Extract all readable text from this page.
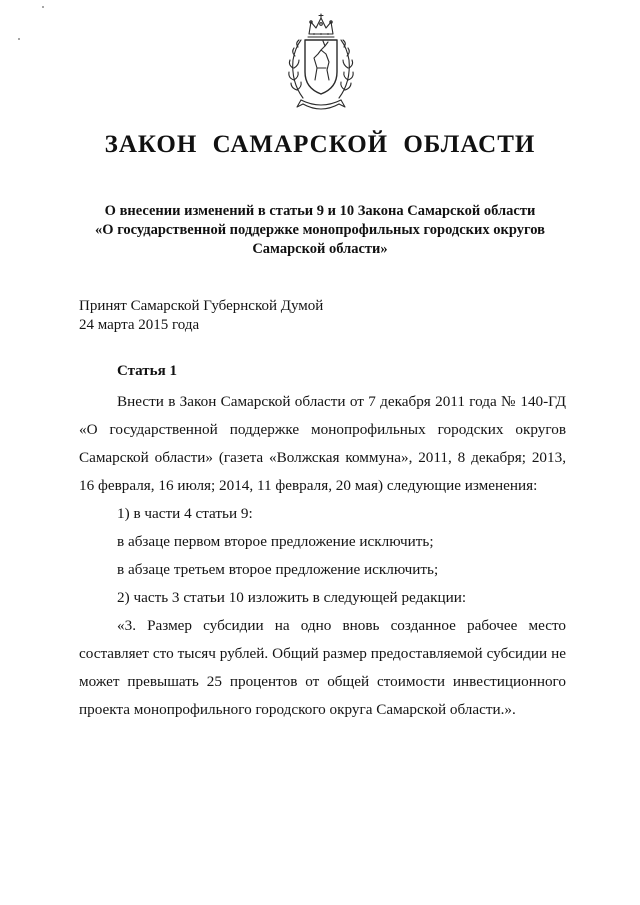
ЗАКОН САМАРСКОЙ ОБЛАСТИ
О внесении изменений в статьи 9 и 10 Закона Самарской области
«О государственной поддержке монопрофильных городских округов
Самарской области»
Принят Самарской Губернской Думой
24 марта 2015 года
Статья 1

Внести в Закон Самарской области от 7 декабря 2011 года № 140-ГД

«О государственной поддержке монопрофильных городских округов

Самарской области» (газета «Волжская коммуна», 2011, 8 декабря; 2013,

16 февраля, 16 июля; 2014, 11 февраля, 20 мая) следующие изменения:

1) в части 4 статьи 9:

в абзаце первом второе предложение исключить;

в абзаце третьем второе предложение исключить;

2) часть 3 статьи 10 изложить в следующей редакции:

«3. Размер субсидии на одно вновь созданное рабочее место

составляет сто тысяч рублей. Общий размер предоставляемой субсидии не

может превышать 25 процентов от общей стоимости инвестиционного

проекта монопрофильного городского округа Самарской области.».
